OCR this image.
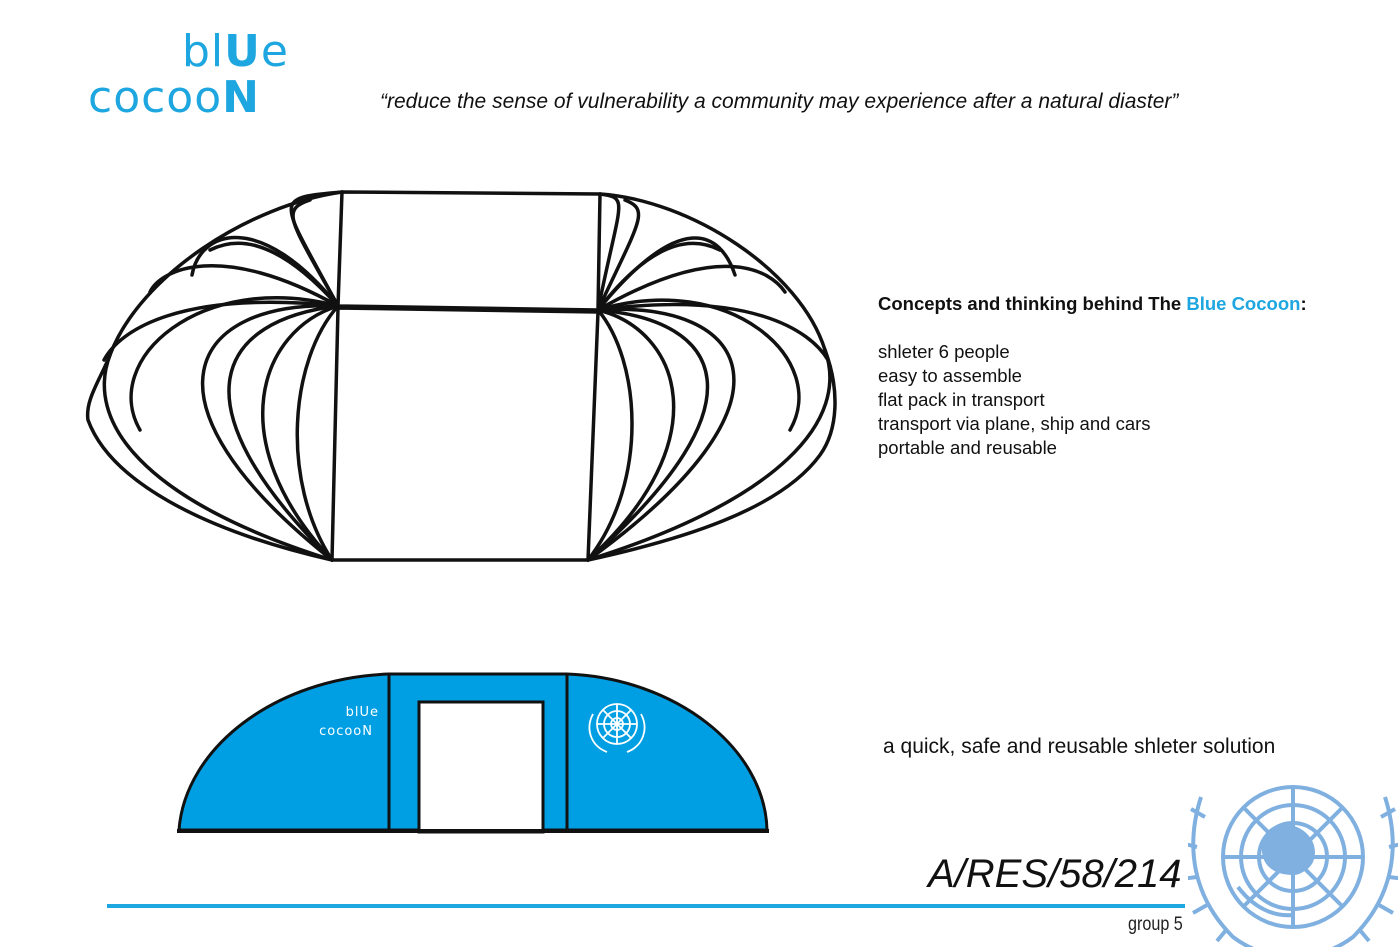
blUe
cocooN	“reduce the sense of vulnerability a community may experience after a natural diaster”
Concepts and thinking behind The Blue Cocoon:
shleter 6 people
easy to assemble
flat pack in transport
transport via plane, ship and cars
portable and reusable
blUe
cocooN
a quick, safe and reusable shleter solution
A/RES/58/214
group 5
